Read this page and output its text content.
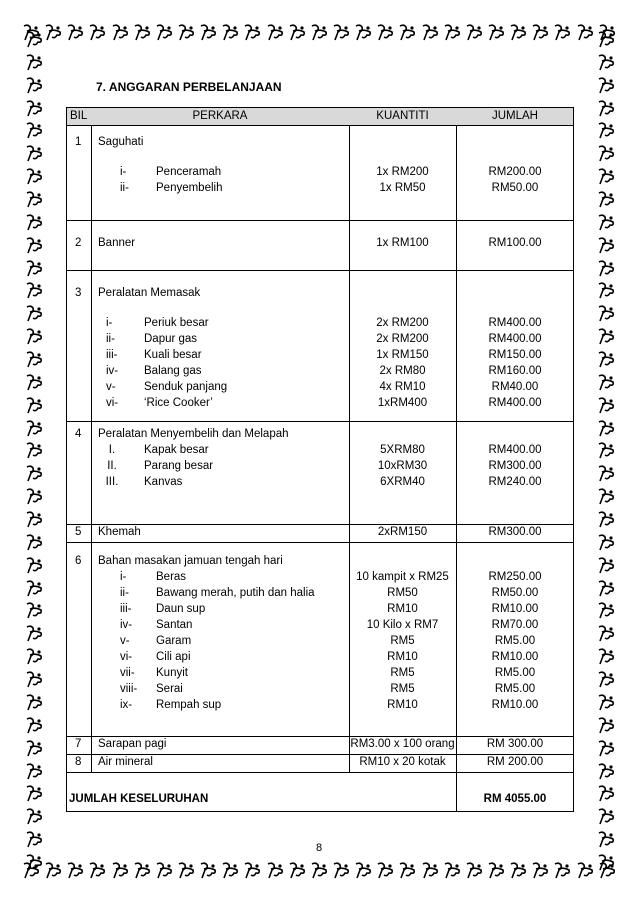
7. ANGGARAN PERBELANJAAN
BIL	PERKARA	KUANTITI	JUMLAH
1 Saguhati
i-	Penceramah	1x RM200	RM200.00
ii- Penyembelih	1x RM50	RM50.00
2 Banner	1x RM100	RM100.00
3 Peralatan Memasak
i-	Periuk besar	2x RM200	RM400.00
ii-	Dapur gas	2x RM200	RM400.00
iii- Kuali besar	1x RM150	RM150.00
iv- Balang gas	2x RM80	RM160.00
v- Senduk panjang	4x RM10	RM40.00
vi- ‘Rice Cooker’	1xRM400	RM400.00
4 Peralatan Menyembelih dan Melapah
I.	Kapak besar	5XRM80	RM400.00
II.	Parang besar	10xRM30	RM300.00
III.	Kanvas	6XRM40	RM240.00
5 Khemah	2xRM150	RM300.00
6 Bahan masakan jamuan tengah hari
i-	Beras	10 kampit x RM25	RM250.00
ii- Bawang merah, putih dan halia	RM50	RM50.00
iii- Daun sup	RM10	RM10.00
iv- Santan	10 Kilo x RM7	RM70.00
v- Garam	RM5	RM5.00
vi- Cili api	RM10	RM10.00
vii- Kunyit	RM5	RM5.00
viii- Serai	RM5	RM5.00
ix- Rempah sup	RM10	RM10.00
7 Sarapan pagi	RM3.00 x 100 orang	RM 300.00
8 Air mineral	RM10 x 20 kotak	RM 200.00
JUMLAH KESELURUHAN	RM 4055.00
8
